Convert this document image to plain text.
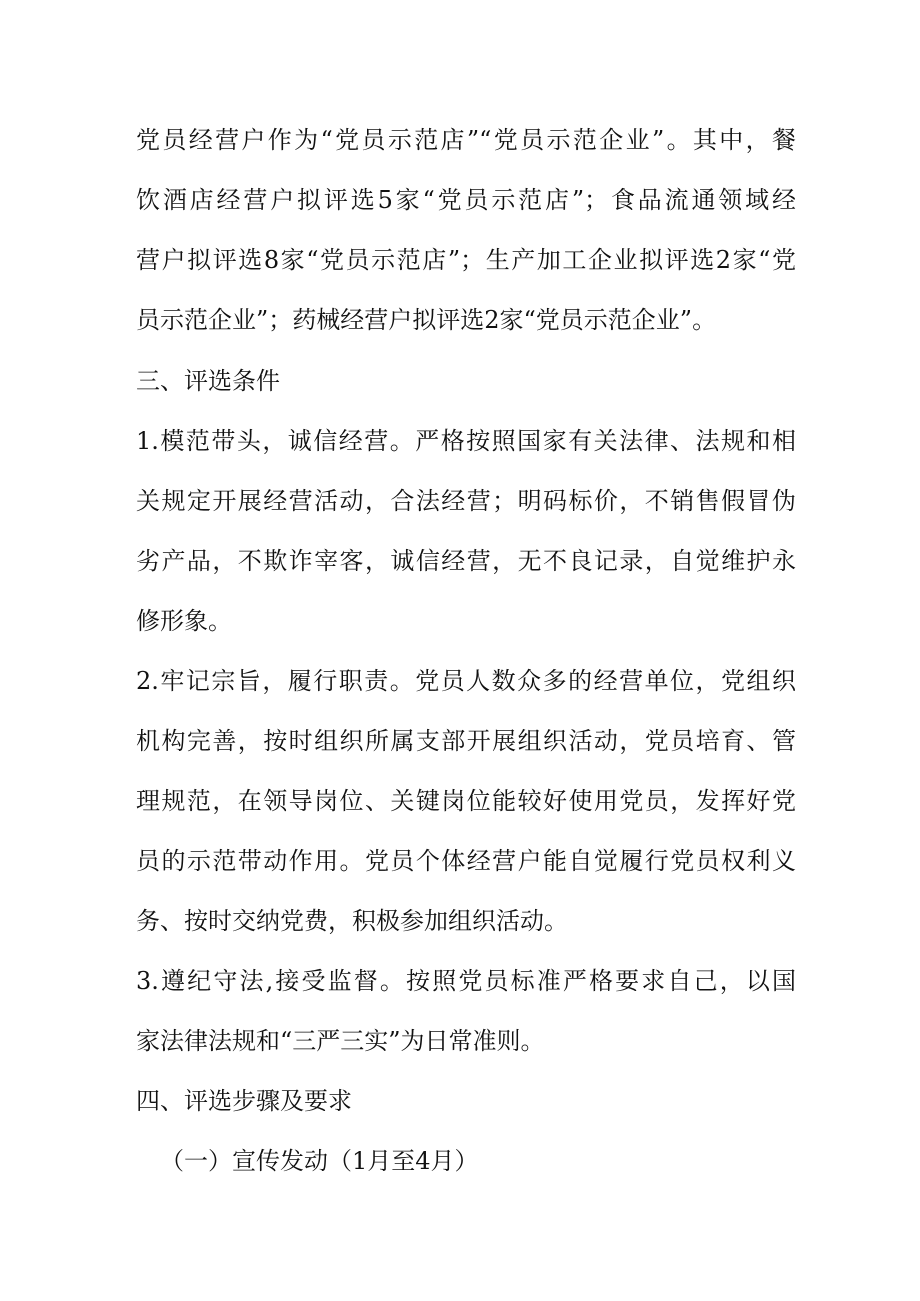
党员经营户作为“党员示范店”“党员示范企业”。其中，餐

饮酒店经营户拟评选5家“党员示范店”；食品流通领域经

营户拟评选8家“党员示范店”；生产加工企业拟评选2家“党

员示范企业”；药械经营户拟评选2家“党员示范企业”。

三、评选条件

1.模范带头，诚信经营。严格按照国家有关法律、法规和相

关规定开展经营活动，合法经营；明码标价，不销售假冒伪

劣产品，不欺诈宰客，诚信经营，无不良记录，自觉维护永

修形象。

2.牢记宗旨，履行职责。党员人数众多的经营单位，党组织

机构完善，按时组织所属支部开展组织活动，党员培育、管

理规范，在领导岗位、关键岗位能较好使用党员，发挥好党

员的示范带动作用。党员个体经营户能自觉履行党员权利义

务、按时交纳党费，积极参加组织活动。

3.遵纪守法,接受监督。按照党员标准严格要求自己，以国

家法律法规和“三严三实”为日常准则。

四、评选步骤及要求

（一）宣传发动（1月至4月）
